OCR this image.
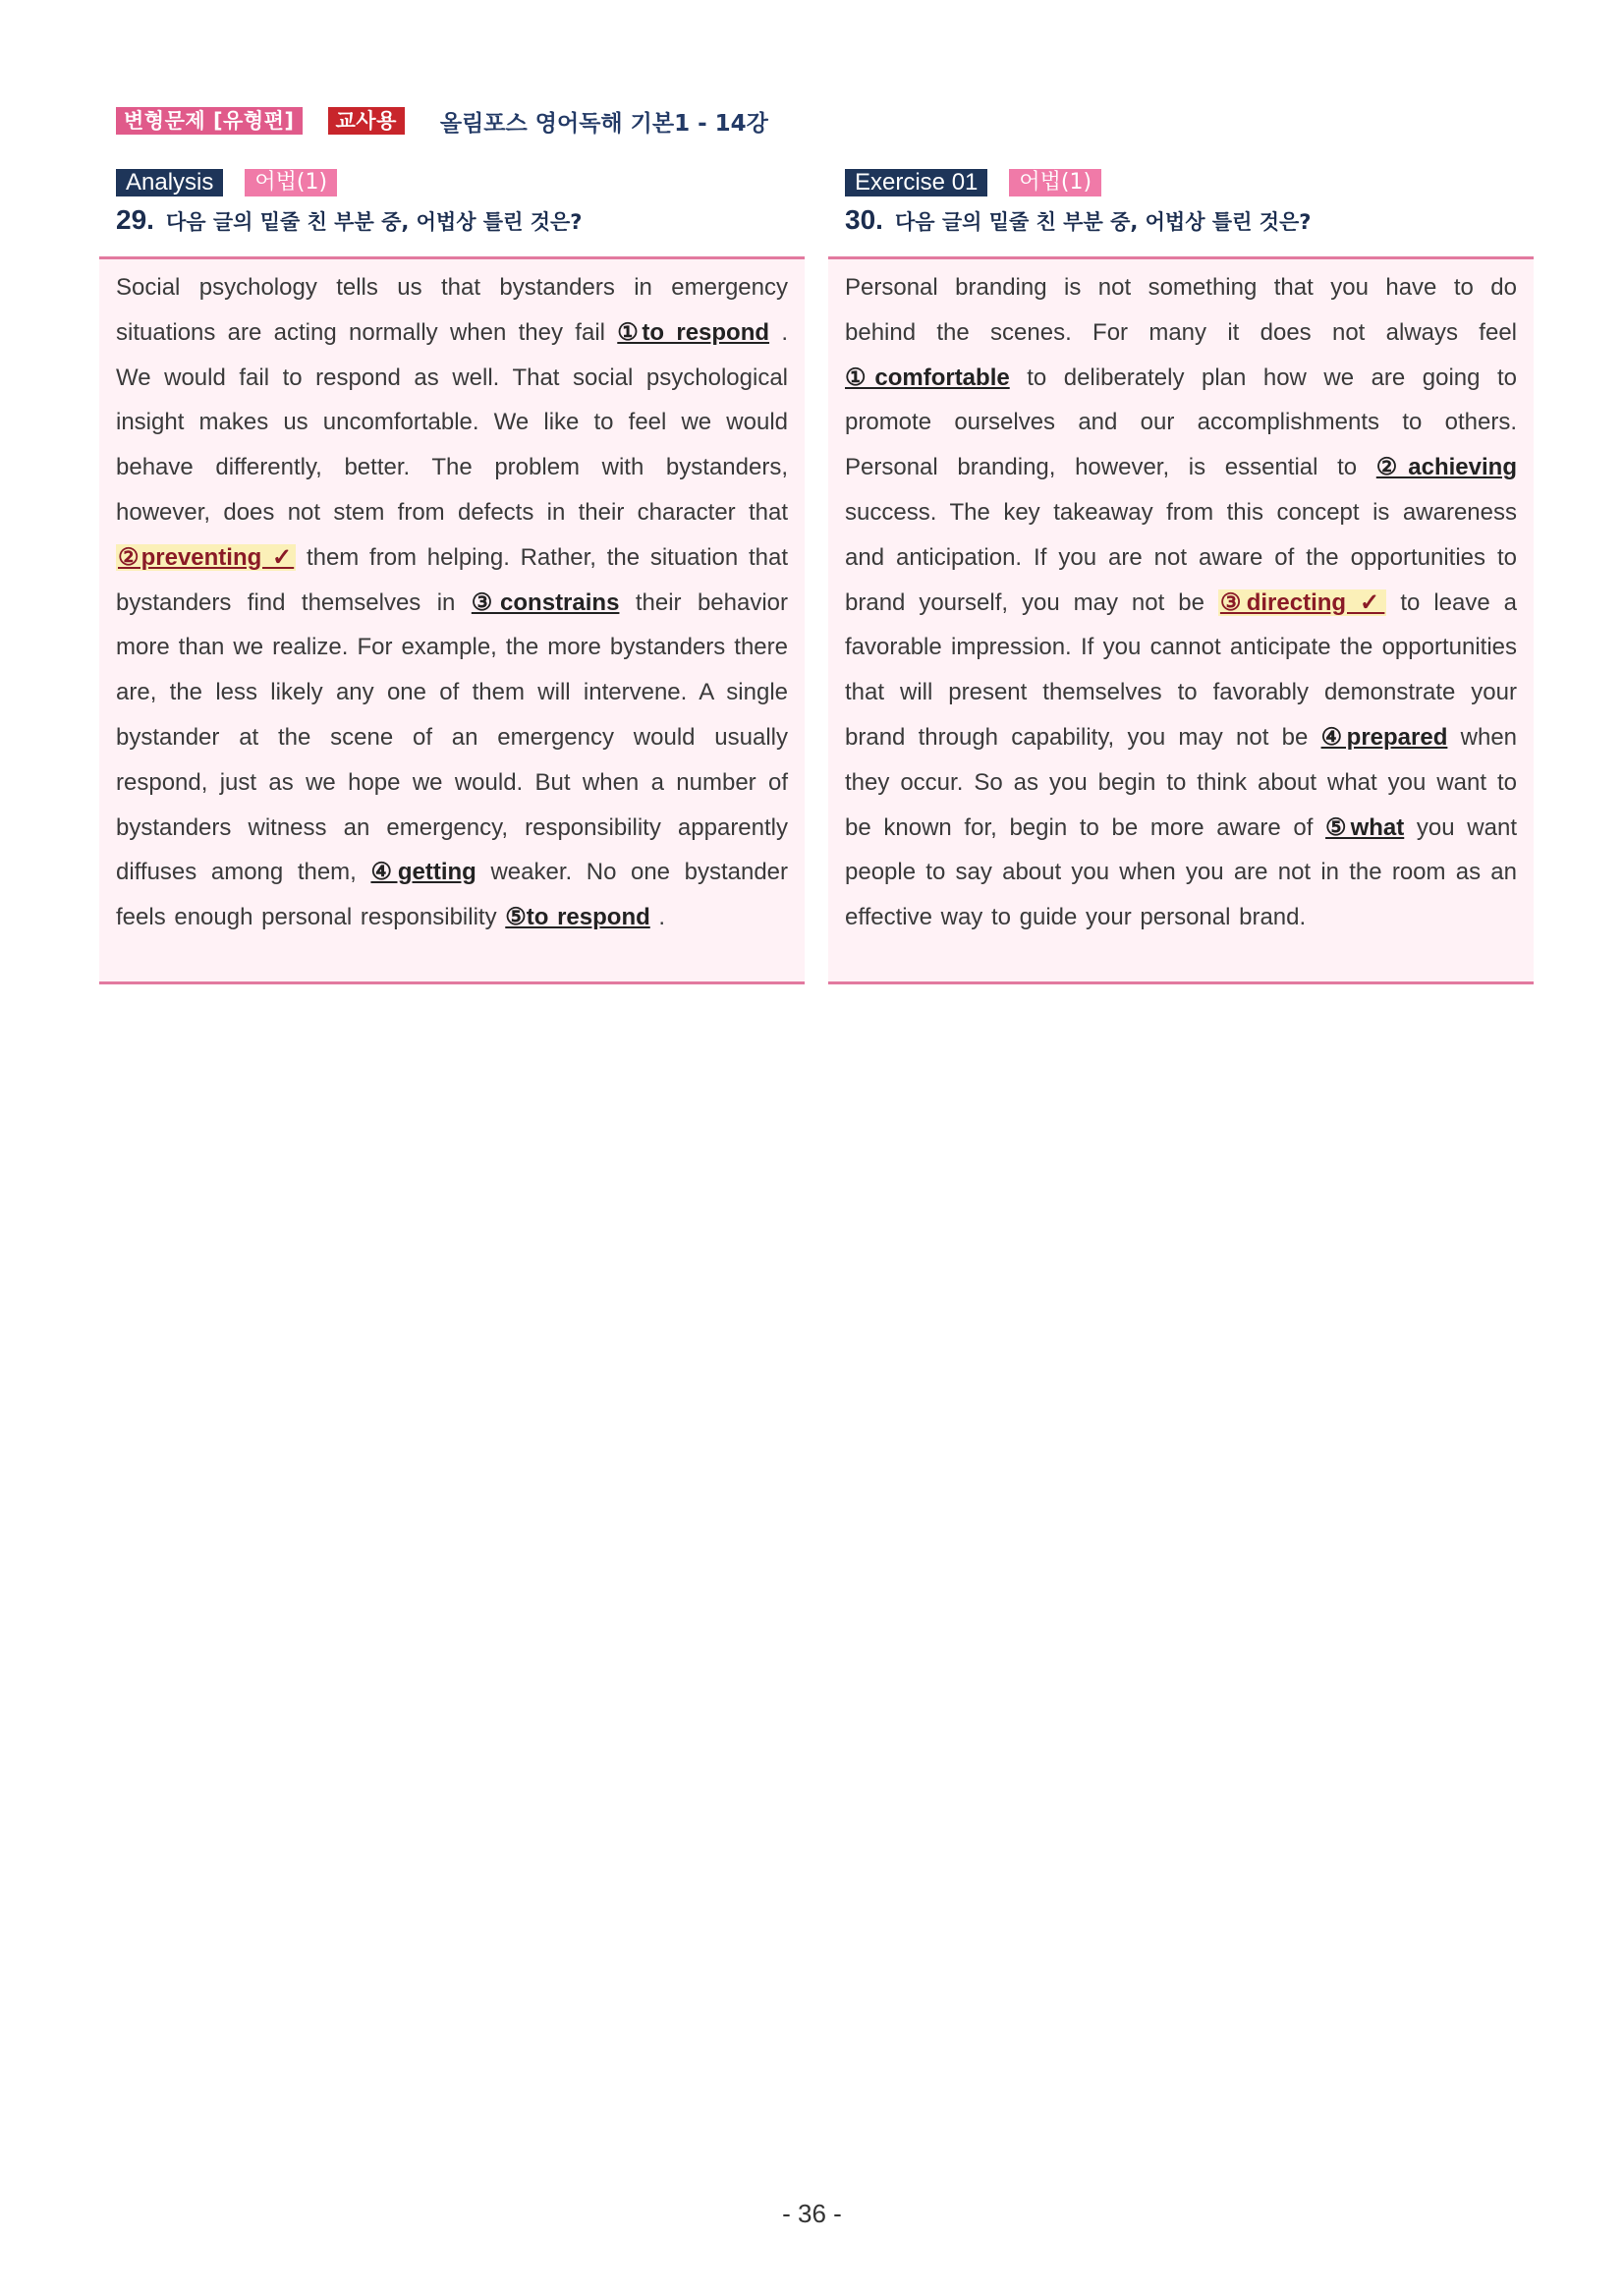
변형문제 [유형편]	교사용	올림포스 영어독해 기본1 - 14강
Analysis	어법(1)
29. 다음 글의 밑줄 친 부분 중, 어법상 틀린 것은?

Social psychology tells us that bystanders in emergency situations are acting normally when they fail ①to respond . We would fail to respond as well. That social psychological insight makes us uncomfortable. We like to feel we would behave differently, better. The problem with bystanders, however, does not stem from defects in their character that ②preventing ✓ them from helping. Rather, the situation that bystanders find themselves in ③constrains their behavior more than we realize. For example, the more bystanders there are, the less likely any one of them will intervene. A single bystander at the scene of an emergency would usually respond, just as we hope we would. But when a number of bystanders witness an emergency, responsibility apparently diffuses among them, ④getting weaker. No one bystander feels enough personal responsibility ⑤to respond .

Exercise 01	어법(1)
30. 다음 글의 밑줄 친 부분 중, 어법상 틀린 것은?

Personal branding is not something that you have to do behind the scenes. For many it does not always feel ①comfortable to deliberately plan how we are going to promote ourselves and our accomplishments to others. Personal branding, however, is essential to ②achieving success. The key takeaway from this concept is awareness and anticipation. If you are not aware of the opportunities to brand yourself, you may not be ③directing ✓ to leave a favorable impression. If you cannot anticipate the opportunities that will present themselves to favorably demonstrate your brand through capability, you may not be ④prepared when they occur. So as you begin to think about what you want to be known for, begin to be more aware of ⑤what you want people to say about you when you are not in the room as an effective way to guide your personal brand.

- 36 -
